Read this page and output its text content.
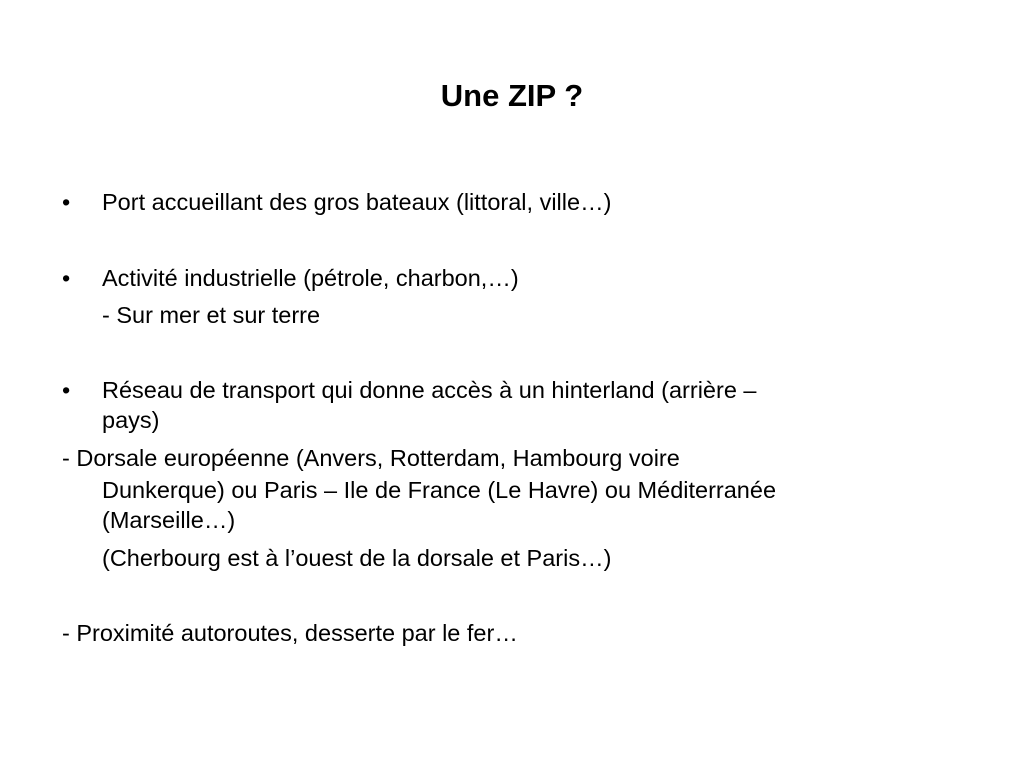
Une ZIP ?
• Port accueillant des gros bateaux (littoral, ville…)
• Activité industrielle (pétrole, charbon,…)
- Sur mer et sur terre
• Réseau de transport qui donne accès à un hinterland (arrière –
pays)
- Dorsale européenne (Anvers, Rotterdam, Hambourg voire
Dunkerque) ou Paris – Ile de France (Le Havre) ou Méditerranée
(Marseille…)
(Cherbourg est à l’ouest de la dorsale et Paris…)
- Proximité autoroutes, desserte par le fer…
